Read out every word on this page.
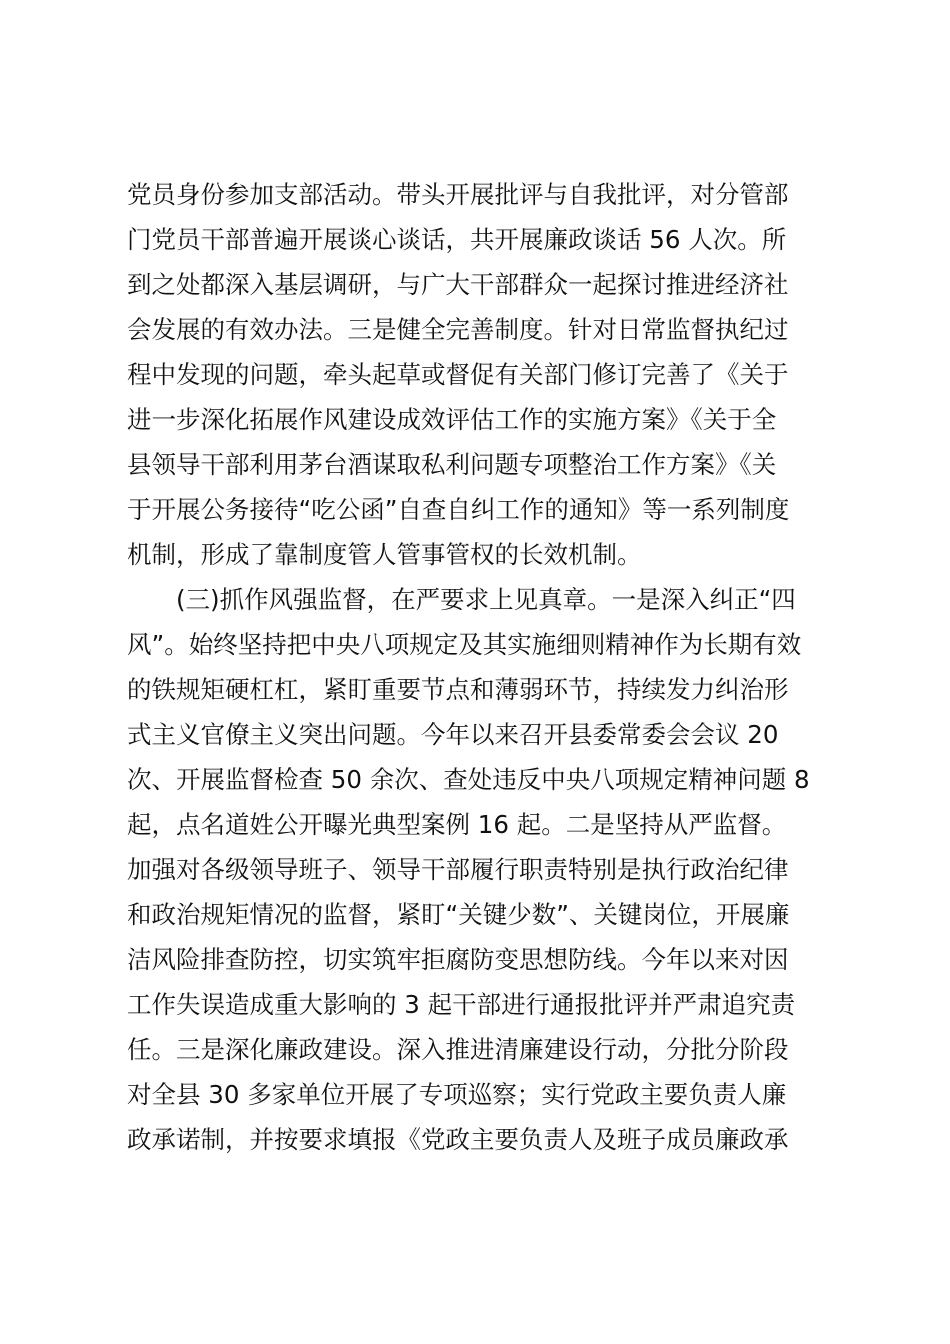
党员身份参加支部活动。带头开展批评与自我批评，对分管部
门党员干部普遍开展谈心谈话，共开展廉政谈话 56 人次。所
到之处都深入基层调研，与广大干部群众一起探讨推进经济社
会发展的有效办法。三是健全完善制度。针对日常监督执纪过
程中发现的问题，牵头起草或督促有关部门修订完善了《关于
进一步深化拓展作风建设成效评估工作的实施方案》《关于全
县领导干部利用茅台酒谋取私利问题专项整治工作方案》《关
于开展公务接待“吃公函”自查自纠工作的通知》等一系列制度
机制，形成了靠制度管人管事管权的长效机制。
　　(三)抓作风强监督，在严要求上见真章。一是深入纠正“四
风”。始终坚持把中央八项规定及其实施细则精神作为长期有效
的铁规矩硬杠杠，紧盯重要节点和薄弱环节，持续发力纠治形
式主义官僚主义突出问题。今年以来召开县委常委会会议 20
次、开展监督检查 50 余次、查处违反中央八项规定精神问题 8
起，点名道姓公开曝光典型案例 16 起。二是坚持从严监督。
加强对各级领导班子、领导干部履行职责特别是执行政治纪律
和政治规矩情况的监督，紧盯“关键少数”、关键岗位，开展廉
洁风险排查防控，切实筑牢拒腐防变思想防线。今年以来对因
工作失误造成重大影响的 3 起干部进行通报批评并严肃追究责
任。三是深化廉政建设。深入推进清廉建设行动，分批分阶段
对全县 30 多家单位开展了专项巡察；实行党政主要负责人廉
政承诺制，并按要求填报《党政主要负责人及班子成员廉政承
